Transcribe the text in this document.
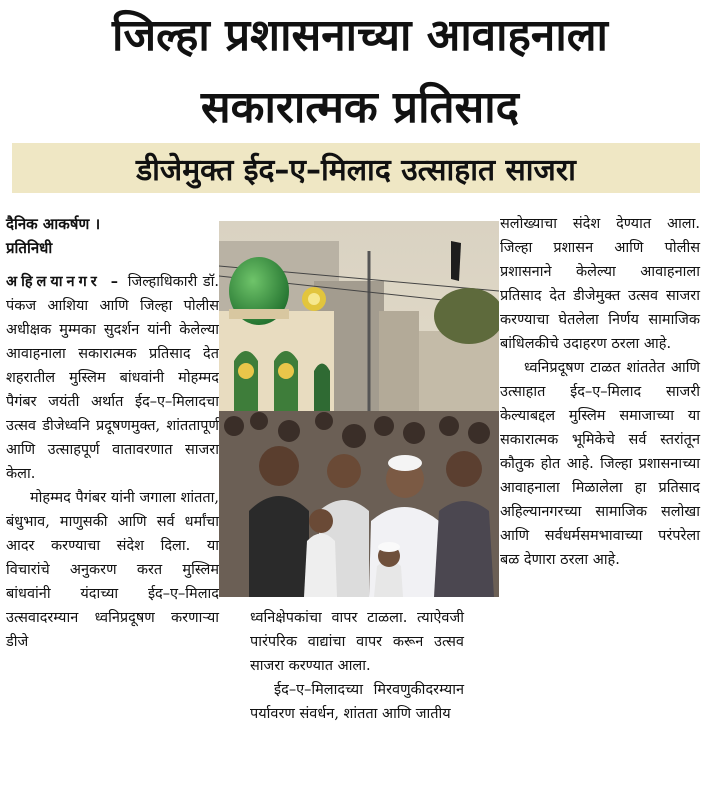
जिल्हा प्रशासनाच्या आवाहनाला
सकारात्मक प्रतिसाद
डीजेमुक्त ईद–ए–मिलाद उत्साहात साजरा

दैनिक आकर्षण ।

प्रतिनिधी

अहिलयानगर – जिल्हाधिकारी डॉ. पंकज आशिया आणि जिल्हा पोलीस अधीक्षक मुम्मका सुदर्शन यांनी केलेल्या आवाहनाला सकारात्मक प्रतिसाद देत शहरातील मुस्लिम बांधवांनी मोहम्मद पैगंबर जयंती अर्थात ईद–ए–मिलादचा उत्सव डीजेध्वनि प्रदूषणमुक्त, शांततापूर्ण आणि उत्साहपूर्ण वातावरणात साजरा केला.

मोहम्मद पैगंबर यांनी जगाला शांतता, बंधुभाव, माणुसकी आणि सर्व धर्मांचा आदर करण्याचा संदेश दिला. या विचारांचे अनुकरण करत मुस्लिम बांधवांनी यंदाच्या ईद–ए–मिलाद उत्सवादरम्यान ध्वनिप्रदूषण करणाऱ्या डीजे

ध्वनिक्षेपकांचा वापर टाळला. त्याऐवजी पारंपरिक वाद्यांचा वापर करून उत्सव साजरा करण्यात आला.

ईद–ए–मिलादच्या मिरवणुकीदरम्यान पर्यावरण संवर्धन, शांतता आणि जातीय

सलोख्याचा संदेश देण्यात आला. जिल्हा प्रशासन आणि पोलीस प्रशासनाने केलेल्या आवाहनाला प्रतिसाद देत डीजेमुक्त उत्सव साजरा करण्याचा घेतलेला निर्णय सामाजिक बांधिलकीचे उदाहरण ठरला आहे.

ध्वनिप्रदूषण टाळत शांततेत आणि उत्साहात ईद–ए–मिलाद साजरी केल्याबद्दल मुस्लिम समाजाच्या या सकारात्मक भूमिकेचे सर्व स्तरांतून कौतुक होत आहे. जिल्हा प्रशासनाच्या आवाहनाला मिळालेला हा प्रतिसाद अहिल्यानगरच्या सामाजिक सलोखा आणि सर्वधर्मसमभावाच्या परंपरेला बळ देणारा ठरला आहे.
